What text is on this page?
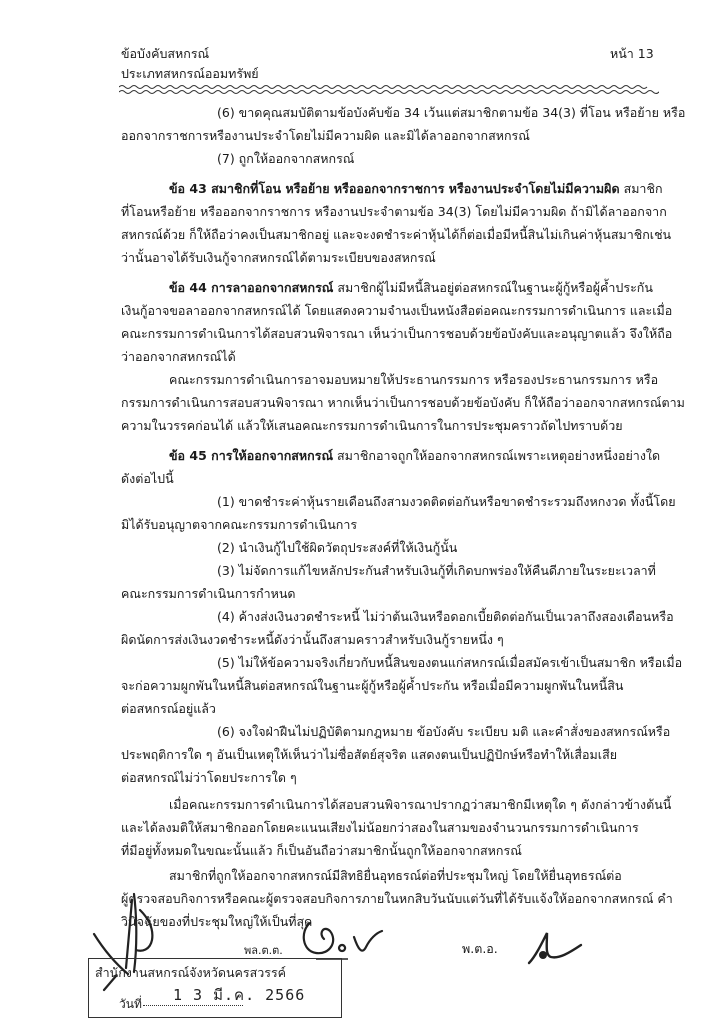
ข้อบังคับสหกรณ์
ประเภทสหกรณ์ออมทรัพย์
หน้า 13
(6) ขาดคุณสมบัติตามข้อบังคับข้อ 34 เว้นแต่สมาชิกตามข้อ 34(3) ที่โอน หรือย้าย หรือ
ออกจากราชการหรืองานประจำโดยไม่มีความผิด และมิได้ลาออกจากสหกรณ์
(7) ถูกให้ออกจากสหกรณ์
ข้อ 43 สมาชิกที่โอน หรือย้าย หรือออกจากราชการ หรืองานประจำโดยไม่มีความผิด สมาชิก
ที่โอนหรือย้าย หรือออกจากราชการ หรืองานประจำตามข้อ 34(3) โดยไม่มีความผิด ถ้ามิได้ลาออกจาก
สหกรณ์ด้วย ก็ให้ถือว่าคงเป็นสมาชิกอยู่ และจะงดชำระค่าหุ้นได้ก็ต่อเมื่อมีหนี้สินไม่เกินค่าหุ้นสมาชิกเช่น
ว่านั้นอาจได้รับเงินกู้จากสหกรณ์ได้ตามระเบียบของสหกรณ์
ข้อ 44 การลาออกจากสหกรณ์ สมาชิกผู้ไม่มีหนี้สินอยู่ต่อสหกรณ์ในฐานะผู้กู้หรือผู้ค้ำประกัน
เงินกู้อาจขอลาออกจากสหกรณ์ได้ โดยแสดงความจำนงเป็นหนังสือต่อคณะกรรมการดำเนินการ และเมื่อ
คณะกรรมการดำเนินการได้สอบสวนพิจารณา เห็นว่าเป็นการชอบด้วยข้อบังคับและอนุญาตแล้ว จึงให้ถือ
ว่าออกจากสหกรณ์ได้
คณะกรรมการดำเนินการอาจมอบหมายให้ประธานกรรมการ หรือรองประธานกรรมการ หรือ
กรรมการดำเนินการสอบสวนพิจารณา หากเห็นว่าเป็นการชอบด้วยข้อบังคับ ก็ให้ถือว่าออกจากสหกรณ์ตาม
ความในวรรคก่อนได้ แล้วให้เสนอคณะกรรมการดำเนินการในการประชุมคราวถัดไปทราบด้วย
ข้อ 45 การให้ออกจากสหกรณ์ สมาชิกอาจถูกให้ออกจากสหกรณ์เพราะเหตุอย่างหนึ่งอย่างใด
ดังต่อไปนี้
(1) ขาดชำระค่าหุ้นรายเดือนถึงสามงวดติดต่อกันหรือขาดชำระรวมถึงหกงวด ทั้งนี้โดย
มิได้รับอนุญาตจากคณะกรรมการดำเนินการ
(2) นำเงินกู้ไปใช้ผิดวัตถุประสงค์ที่ให้เงินกู้นั้น
(3) ไม่จัดการแก้ไขหลักประกันสำหรับเงินกู้ที่เกิดบกพร่องให้คืนดีภายในระยะเวลาที่
คณะกรรมการดำเนินการกำหนด
(4) ค้างส่งเงินงวดชำระหนี้ ไม่ว่าต้นเงินหรือดอกเบี้ยติดต่อกันเป็นเวลาถึงสองเดือนหรือ
ผิดนัดการส่งเงินงวดชำระหนี้ดังว่านั้นถึงสามคราวสำหรับเงินกู้รายหนึ่ง ๆ
(5) ไม่ให้ข้อความจริงเกี่ยวกับหนี้สินของตนแก่สหกรณ์เมื่อสมัครเข้าเป็นสมาชิก หรือเมื่อ
จะก่อความผูกพันในหนี้สินต่อสหกรณ์ในฐานะผู้กู้หรือผู้ค้ำประกัน หรือเมื่อมีความผูกพันในหนี้สิน
ต่อสหกรณ์อยู่แล้ว
(6) จงใจฝ่าฝืนไม่ปฏิบัติตามกฎหมาย ข้อบังคับ ระเบียบ มติ และคำสั่งของสหกรณ์หรือ
ประพฤติการใด ๆ อันเป็นเหตุให้เห็นว่าไม่ซื่อสัตย์สุจริต แสดงตนเป็นปฏิปักษ์หรือทำให้เสื่อมเสีย
ต่อสหกรณ์ไม่ว่าโดยประการใด ๆ
เมื่อคณะกรรมการดำเนินการได้สอบสวนพิจารณาปรากฏว่าสมาชิกมีเหตุใด ๆ ดังกล่าวข้างต้นนี้
และได้ลงมติให้สมาชิกออกโดยคะแนนเสียงไม่น้อยกว่าสองในสามของจำนวนกรรมการดำเนินการ
ที่มีอยู่ทั้งหมดในขณะนั้นแล้ว ก็เป็นอันถือว่าสมาชิกนั้นถูกให้ออกจากสหกรณ์
สมาชิกที่ถูกให้ออกจากสหกรณ์มีสิทธิยื่นอุทธรณ์ต่อที่ประชุมใหญ่ โดยให้ยื่นอุทธรณ์ต่อ
ผู้ตรวจสอบกิจการหรือคณะผู้ตรวจสอบกิจการภายในหกสิบวันนับแต่วันที่ได้รับแจ้งให้ออกจากสหกรณ์ คำ
วินิจฉัยของที่ประชุมใหญ่ให้เป็นที่สุด
พล.ต.ต.	พ.ต.อ.
สำนักงานสหกรณ์จังหวัดนครสวรรค์
1 3 มี.ค. 2566
วันที่
